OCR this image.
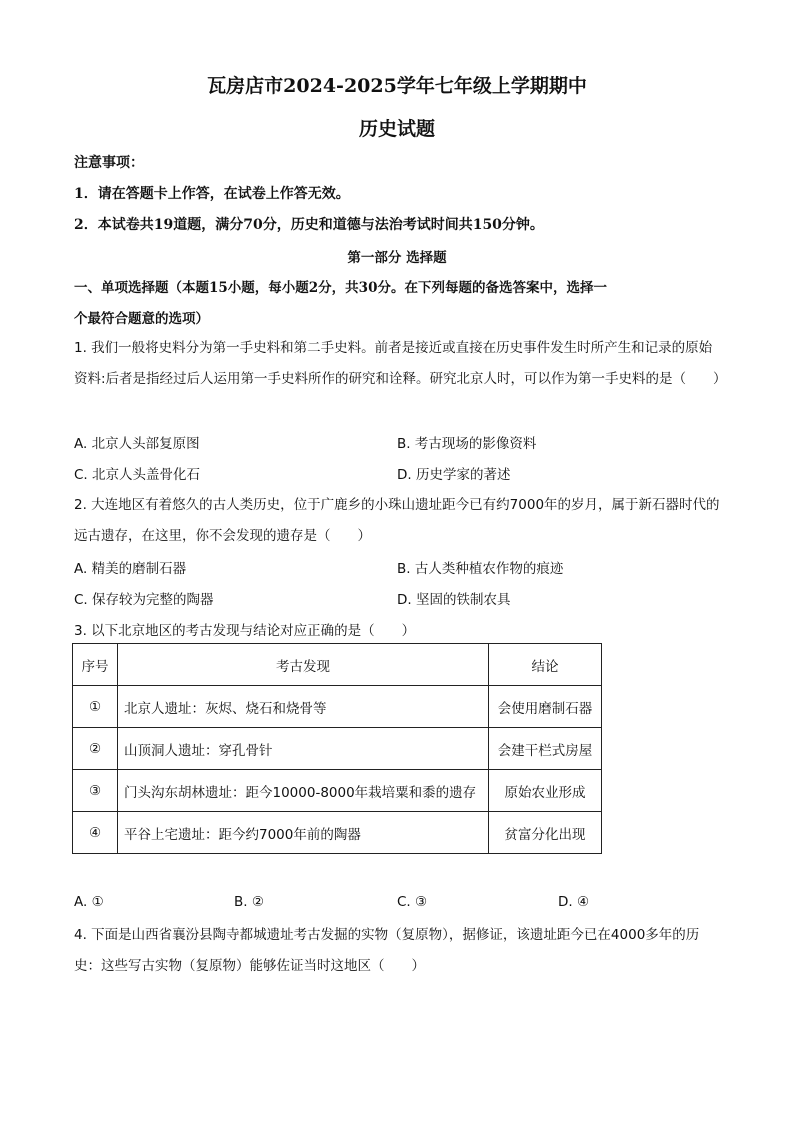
瓦房店市2024-2025学年七年级上学期期中
历史试题
注意事项：
1．请在答题卡上作答，在试卷上作答无效。
2．本试卷共19道题，满分70分，历史和道德与法治考试时间共150分钟。
第一部分 选择题
一、单项选择题（本题15小题，每小题2分，共30分。在下列每题的备选答案中，选择一
个最符合题意的选项）
1. 我们一般将史料分为第一手史料和第二手史料。前者是接近或直接在历史事件发生时所产生和记录的原始资料:后者是指经过后人运用第一手史料所作的研究和诠释。研究北京人时，可以作为第一手史料的是（　　）
A. 北京人头部复原图	B. 考古现场的影像资料
C. 北京人头盖骨化石	D. 历史学家的著述
2. 大连地区有着悠久的古人类历史，位于广鹿乡的小珠山遗址距今已有约7000年的岁月，属于新石器时代的远古遗存，在这里，你不会发现的遗存是（　　）
A. 精美的磨制石器	B. 古人类种植农作物的痕迹
C. 保存较为完整的陶器	D. 坚固的铁制农具
3. 以下北京地区的考古发现与结论对应正确的是（　　）
序号	考古发现	结论
①	北京人遗址：灰烬、烧石和烧骨等	会使用磨制石器
②	山顶洞人遗址：穿孔骨针	会建干栏式房屋
③	门头沟东胡林遗址：距今10000-8000年栽培粟和黍的遗存	原始农业形成
④	平谷上宅遗址：距今约7000年前的陶器	贫富分化出现
A. ①	B. ②	C. ③	D. ④
4. 下面是山西省襄汾县陶寺都城遗址考古发掘的实物（复原物），据修证，该遗址距今已在4000多年的历史：这些写古实物（复原物）能够佐证当时这地区（　　）
